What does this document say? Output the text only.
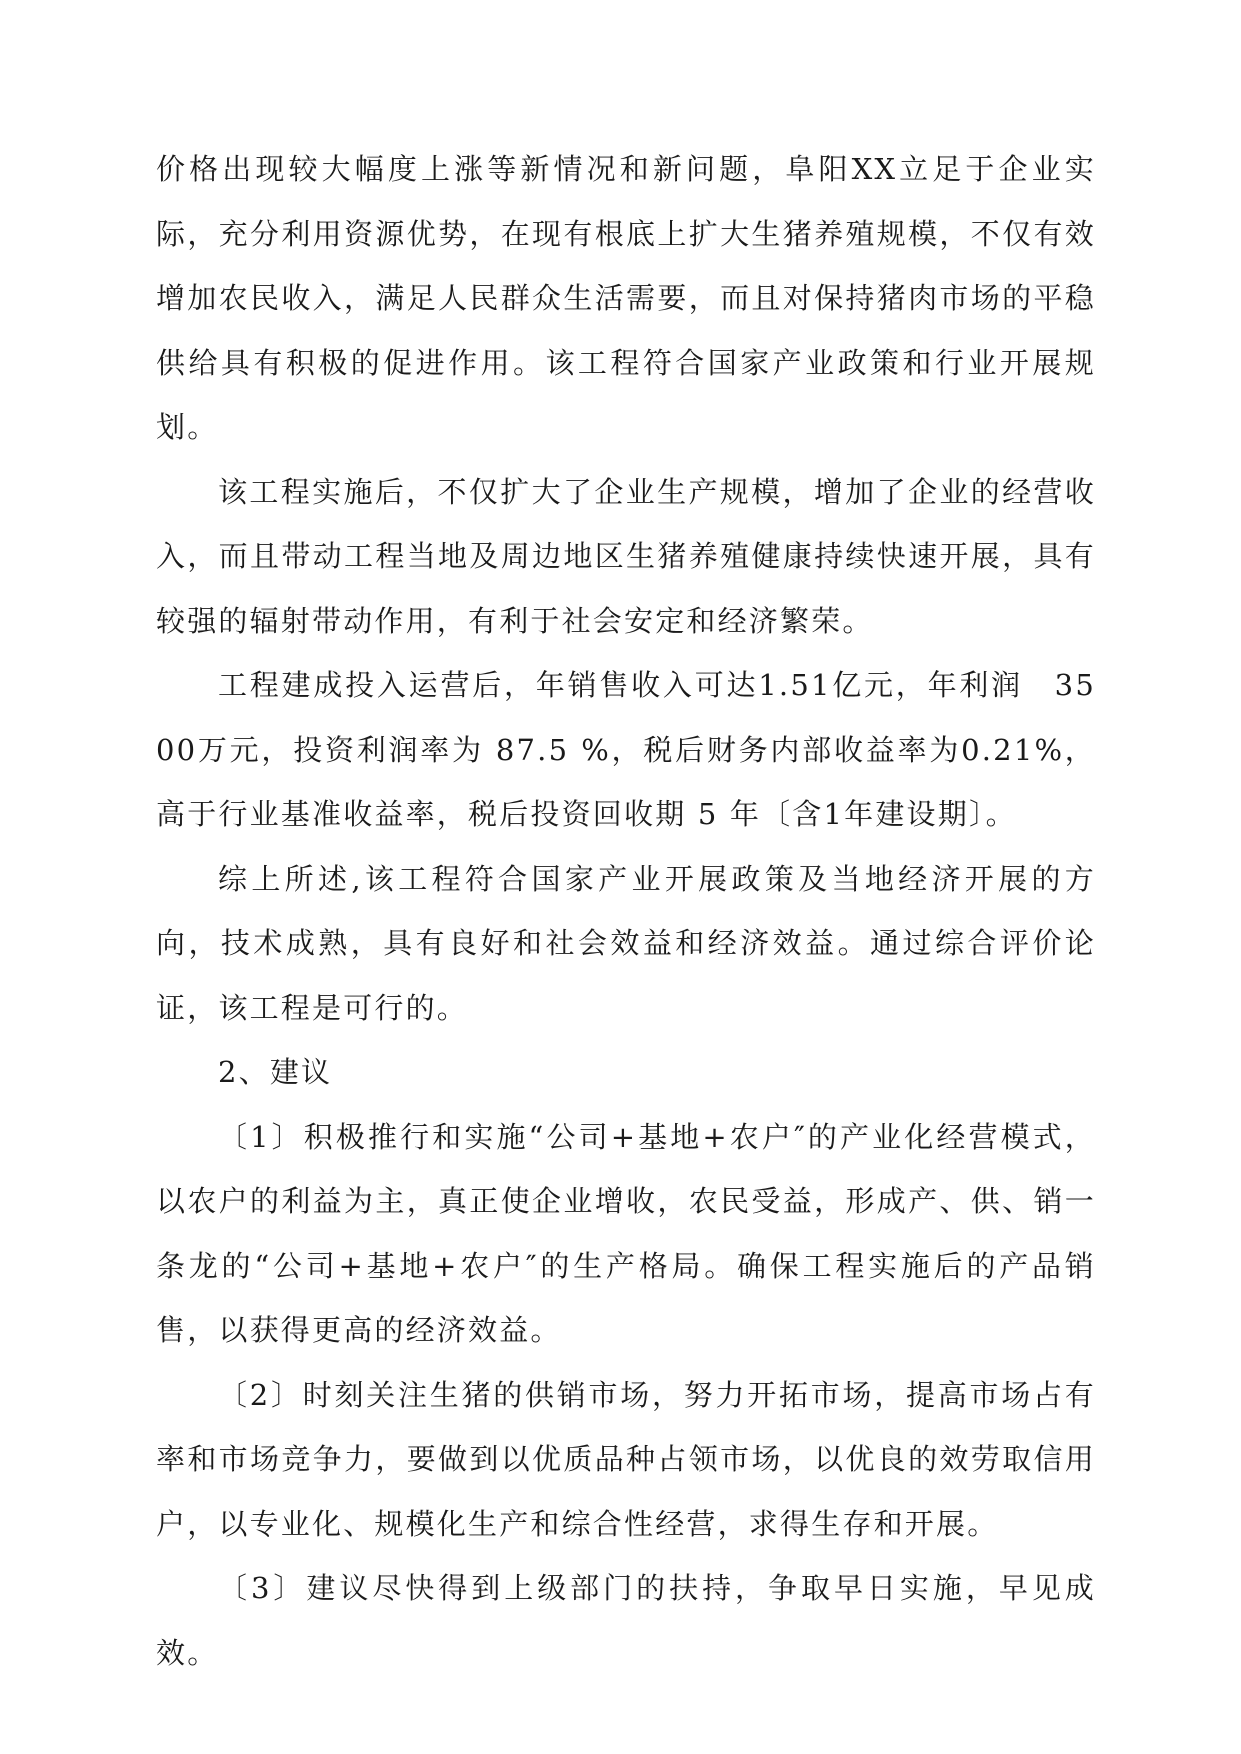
价格出现较大幅度上涨等新情况和新问题，阜阳XX立足于企业实际，充分利用资源优势，在现有根底上扩大生猪养殖规模，不仅有效增加农民收入，满足人民群众生活需要，而且对保持猪肉市场的平稳供给具有积极的促进作用。该工程符合国家产业政策和行业开展规划。

该工程实施后，不仅扩大了企业生产规模，增加了企业的经营收入，而且带动工程当地及周边地区生猪养殖健康持续快速开展，具有较强的辐射带动作用，有利于社会安定和经济繁荣。

工程建成投入运营后，年销售收入可达1.51亿元，年利润　3500万元，投资利润率为 87.5 %，税后财务内部收益率为0.21%，高于行业基准收益率，税后投资回收期 5 年〔含1年建设期〕。

综上所述,该工程符合国家产业开展政策及当地经济开展的方向，技术成熟，具有良好和社会效益和经济效益。通过综合评价论证，该工程是可行的。

2、建议

〔1〕积极推行和实施“公司+基地+农户″的产业化经营模式，以农户的利益为主，真正使企业增收，农民受益，形成产、供、销一条龙的“公司+基地+农户″的生产格局。确保工程实施后的产品销售，以获得更高的经济效益。

〔2〕时刻关注生猪的供销市场，努力开拓市场，提高市场占有率和市场竞争力，要做到以优质品种占领市场，以优良的效劳取信用户，以专业化、规模化生产和综合性经营，求得生存和开展。

〔3〕建议尽快得到上级部门的扶持，争取早日实施，早见成效。
